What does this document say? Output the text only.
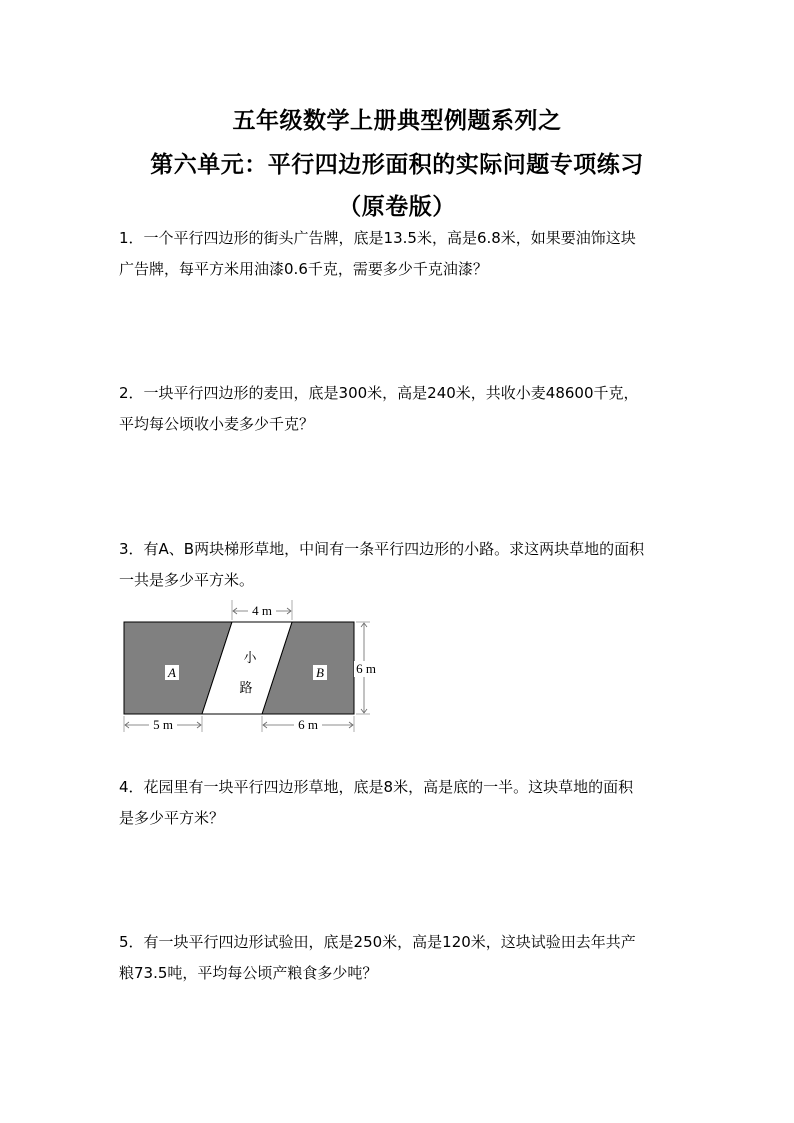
五年级数学上册典型例题系列之
第六单元：平行四边形面积的实际问题专项练习
（原卷版）
1．一个平行四边形的街头广告牌，底是13.5米，高是6.8米，如果要油饰这块
广告牌，每平方米用油漆0.6千克，需要多少千克油漆？
2．一块平行四边形的麦田，底是300米，高是240米，共收小麦48600千克，
平均每公顷收小麦多少千克？
3．有A、B两块梯形草地，中间有一条平行四边形的小路。求这两块草地的面积
一共是多少平方米。
4 m
6 m
5 m	6 m
A	B
小
路
4．花园里有一块平行四边形草地，底是8米，高是底的一半。这块草地的面积
是多少平方米？
5．有一块平行四边形试验田，底是250米，高是120米，这块试验田去年共产
粮73.5吨，平均每公顷产粮食多少吨？
